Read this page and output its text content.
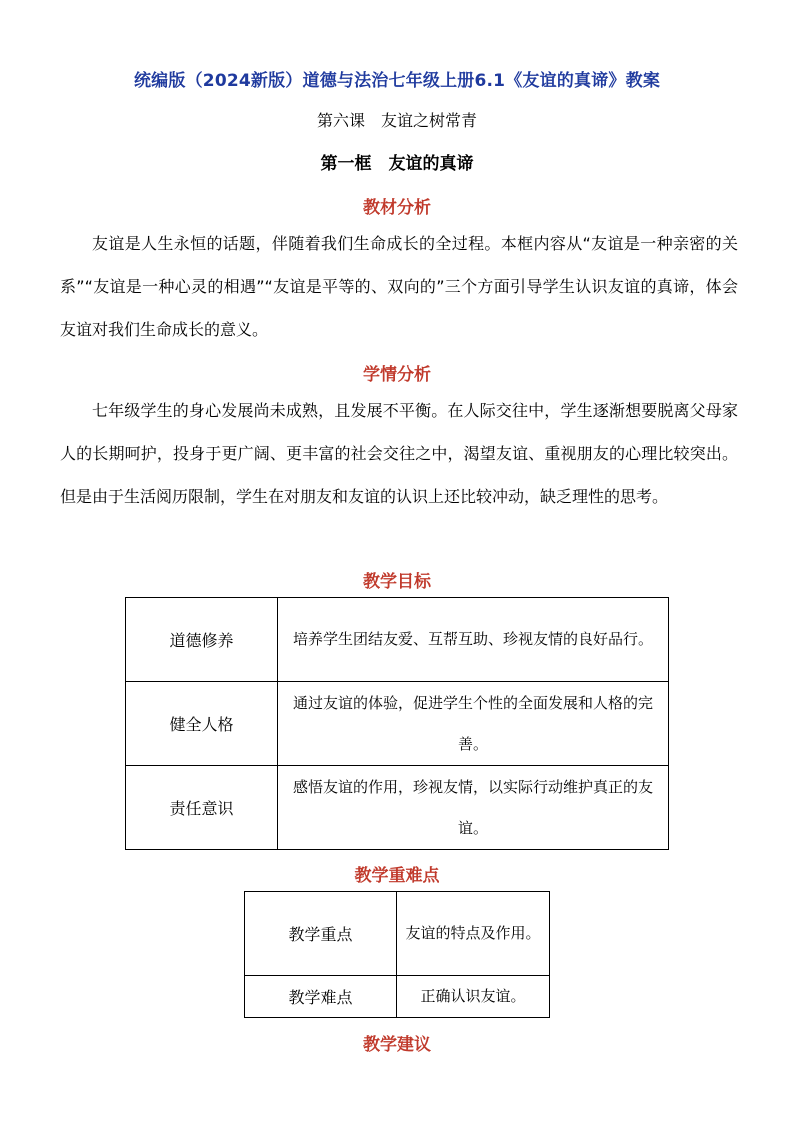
统编版（2024新版）道德与法治七年级上册6.1《友谊的真谛》教案
第六课　友谊之树常青
第一框　友谊的真谛
教材分析

友谊是人生永恒的话题，伴随着我们生命成长的全过程。本框内容从“友谊是一种亲密的关系”“友谊是一种心灵的相遇”“友谊是平等的、双向的”三个方面引导学生认识友谊的真谛，体会友谊对我们生命成长的意义。

学情分析

七年级学生的身心发展尚未成熟，且发展不平衡。在人际交往中，学生逐渐想要脱离父母家人的长期呵护，投身于更广阔、更丰富的社会交往之中，渴望友谊、重视朋友的心理比较突出。但是由于生活阅历限制，学生在对朋友和友谊的认识上还比较冲动，缺乏理性的思考。

教学目标
道德修养	培养学生团结友爱、互帮互助、珍视友情的良好品行。
健全人格	通过友谊的体验，促进学生个性的全面发展和人格的完善。
责任意识	感悟友谊的作用，珍视友情，以实际行动维护真正的友谊。
教学重难点
教学重点	友谊的特点及作用。
教学难点	正确认识友谊。
教学建议
